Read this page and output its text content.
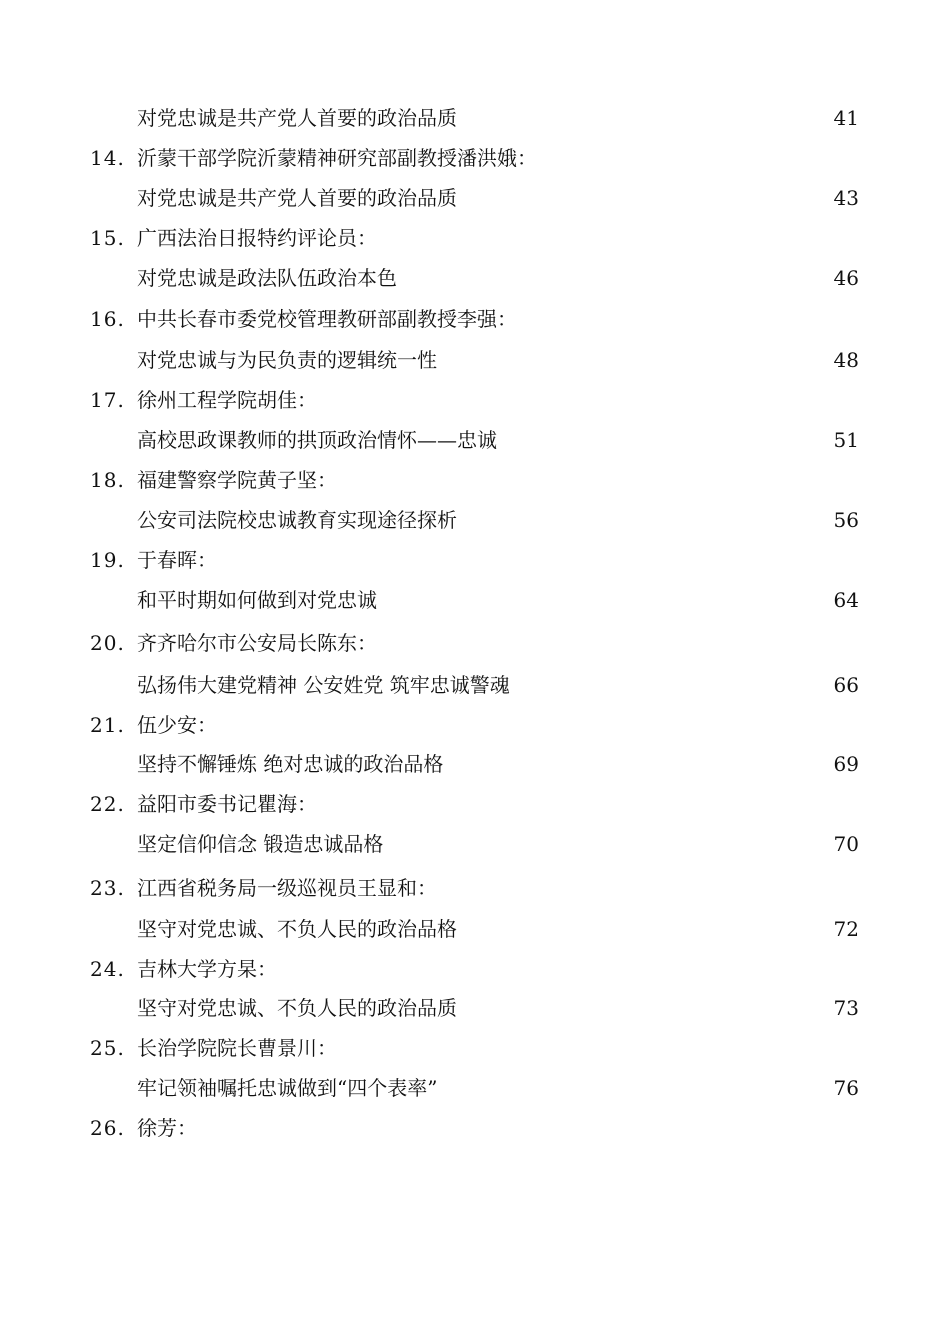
对党忠诚是共产党人首要的政治品质	41
14. 沂蒙干部学院沂蒙精神研究部副教授潘洪娥：
对党忠诚是共产党人首要的政治品质	43
15. 广西法治日报特约评论员：
对党忠诚是政法队伍政治本色	46
16. 中共长春市委党校管理教研部副教授李强：
对党忠诚与为民负责的逻辑统一性	48
17. 徐州工程学院胡佳：
高校思政课教师的拱顶政治情怀——忠诚	51
18. 福建警察学院黄子坚：
公安司法院校忠诚教育实现途径探析	56
19. 于春晖：
和平时期如何做到对党忠诚	64
20. 齐齐哈尔市公安局长陈东：
弘扬伟大建党精神 公安姓党 筑牢忠诚警魂	66
21. 伍少安：
坚持不懈锤炼 绝对忠诚的政治品格	69
22. 益阳市委书记瞿海：
坚定信仰信念 锻造忠诚品格	70
23. 江西省税务局一级巡视员王显和：
坚守对党忠诚、不负人民的政治品格	72
24. 吉林大学方杲：
坚守对党忠诚、不负人民的政治品质	73
25. 长治学院院长曹景川：
牢记领袖嘱托忠诚做到“四个表率”	76
26. 徐芳：
